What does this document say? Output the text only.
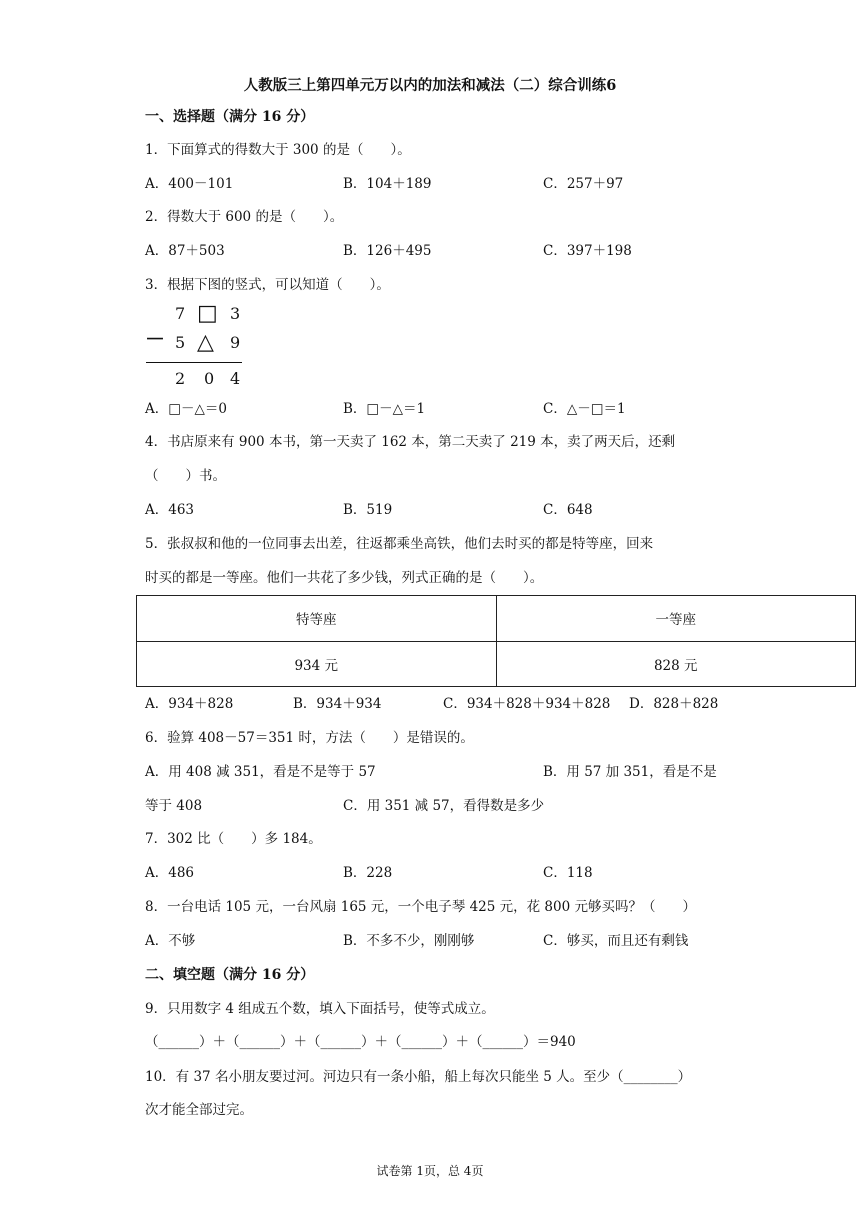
人教版三上第四单元万以内的加法和减法（二）综合训练6
一、选择题（满分 16 分）
1．下面算式的得数大于 300 的是（　　）。
A．400－101	B．104＋189	C．257＋97
2．得数大于 600 的是（　　）。
A．87＋503	B．126＋495	C．397＋198
3．根据下图的竖式，可以知道（　　）。
7 □ 3
－ 5 △ 9
2 0 4
A．□－△＝0	B．□－△＝1	C．△－□＝1
4．书店原来有 900 本书，第一天卖了 162 本，第二天卖了 219 本，卖了两天后，还剩
（　　）书。
A．463	B．519	C．648
5．张叔叔和他的一位同事去出差，往返都乘坐高铁，他们去时买的都是特等座，回来
时买的都是一等座。他们一共花了多少钱，列式正确的是（　　）。
特等座	一等座
934 元	828 元
A．934＋828	B．934＋934	C．934＋828＋934＋828 D．828＋828
6．验算 408－57＝351 时，方法（　　）是错误的。
A．用 408 减 351，看是不是等于 57	B．用 57 加 351，看是不是
等于 408	C．用 351 减 57，看得数是多少
7．302 比（　　）多 184。
A．486	B．228	C．118
8．一台电话 105 元，一台风扇 165 元，一个电子琴 425 元，花 800 元够买吗？（　　）
A．不够	B．不多不少，刚刚够	C．够买，而且还有剩钱
二、填空题（满分 16 分）
9．只用数字 4 组成五个数，填入下面括号，使等式成立。
（______）＋（______）＋（______）＋（______）＋（______）＝940
10．有 37 名小朋友要过河。河边只有一条小船，船上每次只能坐 5 人。至少（________）
次才能全部过完。
试卷第 1页，总 4页
